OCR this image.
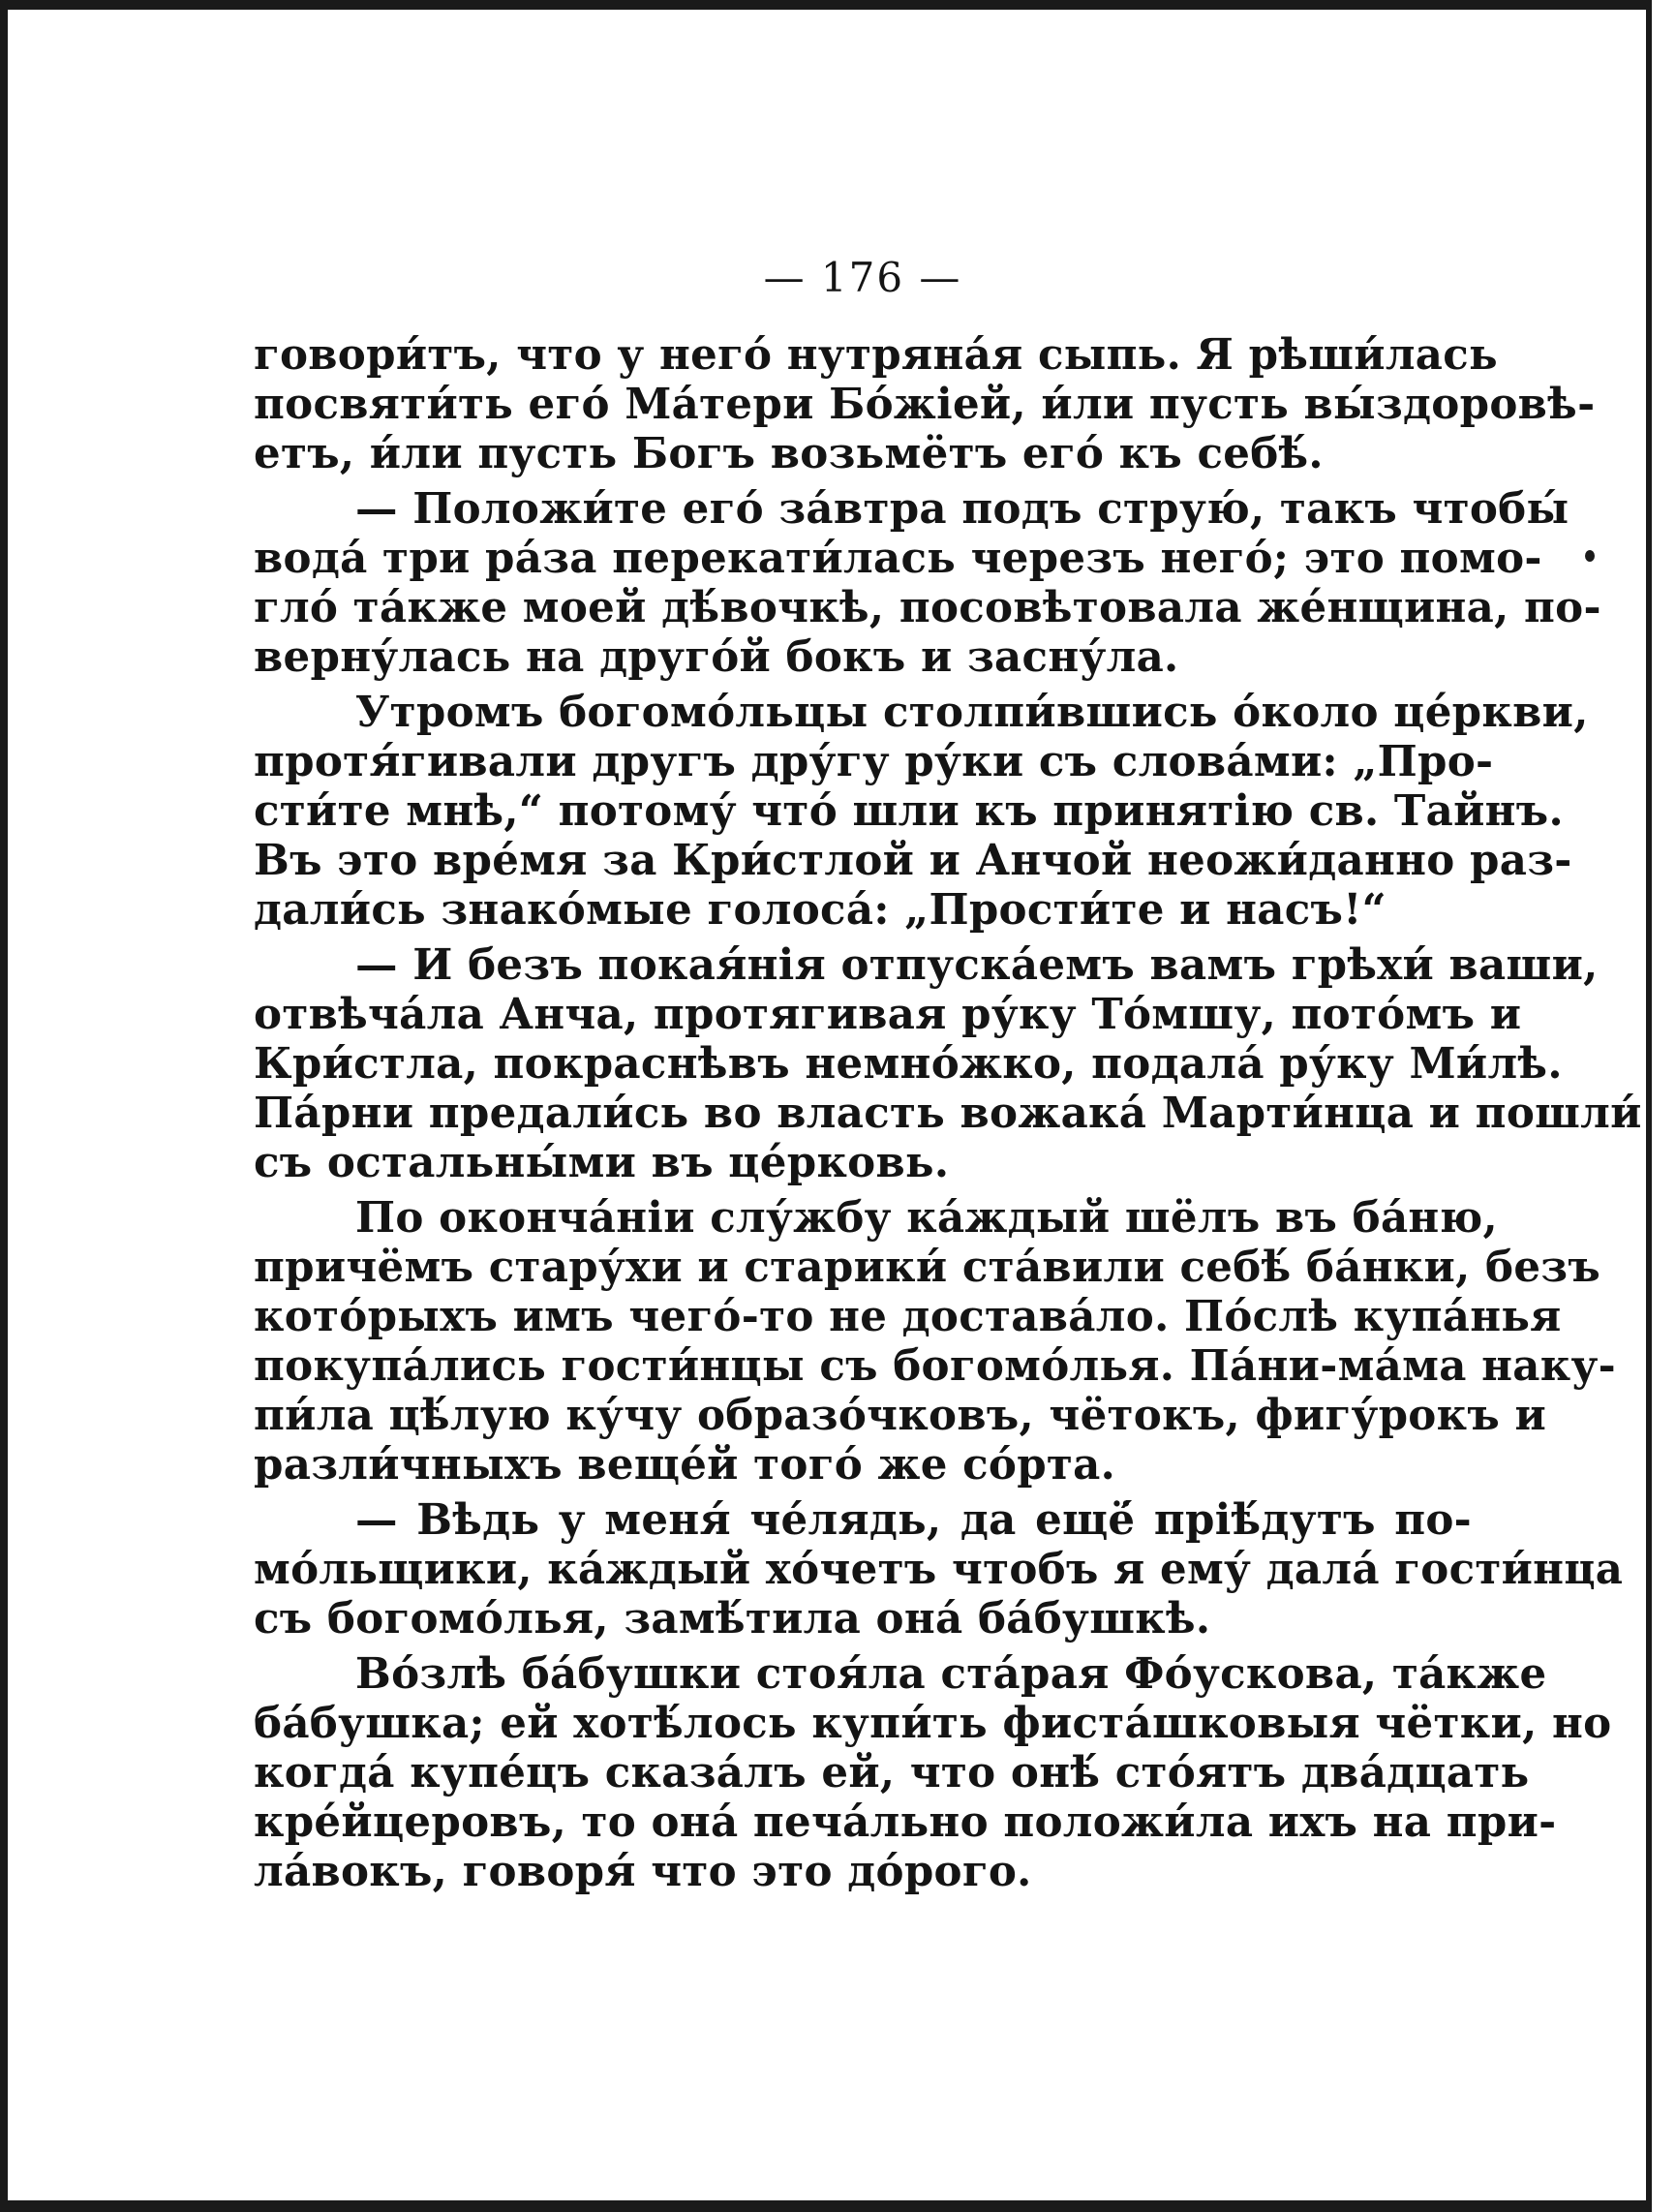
— 176 —
говори́тъ, что у него́ нутряна́я сыпь. Я рѣши́лась
посвяти́ть его́ Ма́тери Бо́жіей, и́ли пусть вы́здоровѣ-
етъ, и́ли пусть Богъ возьмётъ его́ къ себѣ́.
— Положи́те его́ за́втра подъ струю́, такъ чтобы́
вода́ три ра́за перекати́лась черезъ него́; это помо-
гло́ та́кже моей дѣ́вочкѣ, посовѣтовала жéнщина, по-
верну́лась на друго́й бокъ и засну́ла.
Утромъ богомо́льцы столпи́вшись о́коло цéркви,
протя́гивали другъ дру́гу ру́ки съ слова́ми: „Про-
сти́те мнѣ,“ потому́ что́ шли къ принятію св. Тайнъ.
Въ это вре́мя за Кри́стлой и Анчой неожи́данно раз-
дали́сь знако́мые голоса́: „Прости́те и насъ!“
— И безъ покая́нія отпуска́емъ вамъ грѣхи́ ваши,
отвѣча́ла Анча, протягивая ру́ку То́мшу, пото́мъ и
Кри́стла, покраснѣвъ немно́жко, подала́ ру́ку Ми́лѣ.
Па́рни предали́сь во власть вожака́ Марти́нца и пошли́
съ остальны́ми въ цéрковь.
По оконча́ніи слу́жбу ка́ждый шёлъ въ ба́ню,
причёмъ стару́хи и старики́ ста́вили себѣ́ ба́нки, безъ
кото́рыхъ имъ чего́-то не достава́ло. По́слѣ купа́нья
покупа́лись гости́нцы съ богомо́лья. Па́ни-ма́ма наку-
пи́ла цѣ́лую ку́чу образо́чковъ, чётокъ, фигу́рокъ и
разли́чныхъ вещéй того́ же со́рта.
— Вѣдь у меня́ че́лядь, да ещё́ пріѣ́дутъ по-
мо́льщики, ка́ждый хо́четъ чтобъ я ему́ дала́ гости́нца
съ богомо́лья, замѣ́тила она́ ба́бушкѣ.
Во́злѣ ба́бушки стоя́ла ста́рая Фо́ускова, та́кже
ба́бушка; ей хотѣ́лось купи́ть фиста́шковыя чётки, но
когда́ купе́цъ сказа́лъ ей, что онѣ́ сто́ятъ два́дцать
крéйцеровъ, то она́ печа́льно положи́ла ихъ на при-
ла́вокъ, говоря́ что это до́рого.
